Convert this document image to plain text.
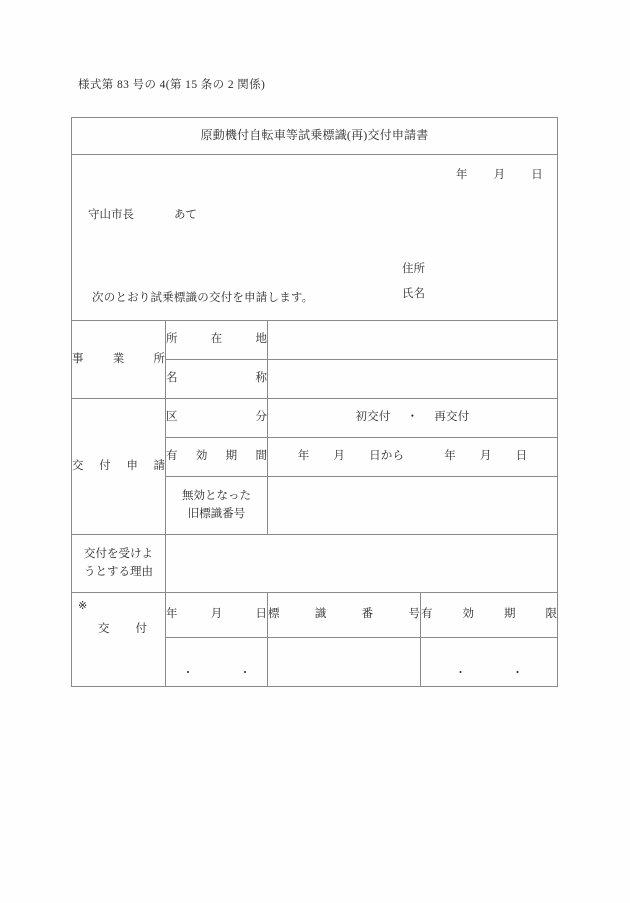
様式第 83 号の 4(第 15 条の 2 関係)
原動機付自転車等試乗標識(再)交付申請書			

年 月 日
守山市長 あて
住所
氏名
次のとおり試乗標識の交付を申請します。			

事 業 所	所 在 地		

	名 称		

交 付 申 請	区 分	初交付 ・ 再交付	

	有 効 期 間	年 月 日から 年 月 日	
	無効となった
旧標識番号		
交付を受けよ
うとする理由			

※
交 付	年 月 日	標 識 番 号	有 効 期 限

	・ ・		・ ・
